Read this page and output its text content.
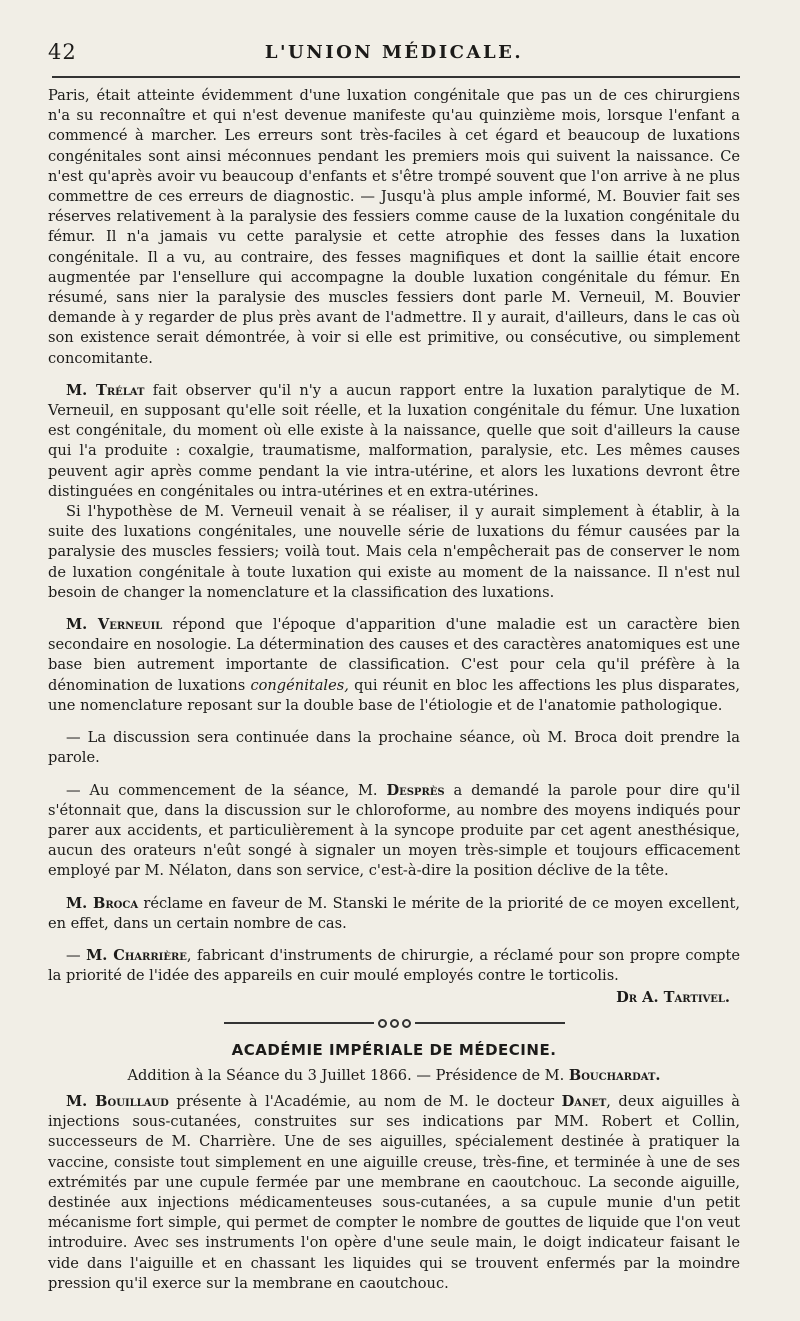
42	L'UNION MÉDICALE.

Paris, était atteinte évidemment d'une luxation congénitale que pas un de ces chirurgiens n'a su reconnaître et qui n'est devenue manifeste qu'au quinzième mois, lorsque l'enfant a commencé à marcher. Les erreurs sont très-faciles à cet égard et beaucoup de luxations congénitales sont ainsi méconnues pendant les premiers mois qui suivent la naissance. Ce n'est qu'après avoir vu beaucoup d'enfants et s'être trompé souvent que l'on arrive à ne plus commettre de ces erreurs de diagnostic. — Jusqu'à plus ample informé, M. Bouvier fait ses réserves relativement à la paralysie des fessiers comme cause de la luxation congénitale du fémur. Il n'a jamais vu cette paralysie et cette atrophie des fesses dans la luxation congénitale. Il a vu, au contraire, des fesses magnifiques et dont la saillie était encore augmentée par l'ensellure qui accompagne la double luxation congénitale du fémur. En résumé, sans nier la paralysie des muscles fessiers dont parle M. Verneuil, M. Bouvier demande à y regarder de plus près avant de l'admettre. Il y aurait, d'ailleurs, dans le cas où son existence serait démontrée, à voir si elle est primitive, ou consécutive, ou simplement concomitante.

M. Trélat fait observer qu'il n'y a aucun rapport entre la luxation paralytique de M. Verneuil, en supposant qu'elle soit réelle, et la luxation congénitale du fémur. Une luxation est congénitale, du moment où elle existe à la naissance, quelle que soit d'ailleurs la cause qui l'a produite : coxalgie, traumatisme, malformation, paralysie, etc. Les mêmes causes peuvent agir après comme pendant la vie intra-utérine, et alors les luxations devront être distinguées en congénitales ou intra-utérines et en extra-utérines.

Si l'hypothèse de M. Verneuil venait à se réaliser, il y aurait simplement à établir, à la suite des luxations congénitales, une nouvelle série de luxations du fémur causées par la paralysie des muscles fessiers; voilà tout. Mais cela n'empêcherait pas de conserver le nom de luxation congénitale à toute luxation qui existe au moment de la naissance. Il n'est nul besoin de changer la nomenclature et la classification des luxations.

M. Verneuil répond que l'époque d'apparition d'une maladie est un caractère bien secondaire en nosologie. La détermination des causes et des caractères anatomiques est une base bien autrement importante de classification. C'est pour cela qu'il préfère à la dénomination de luxations congénitales, qui réunit en bloc les affections les plus disparates, une nomenclature reposant sur la double base de l'étiologie et de l'anatomie pathologique.

— La discussion sera continuée dans la prochaine séance, où M. Broca doit prendre la parole.

— Au commencement de la séance, M. Desprès a demandé la parole pour dire qu'il s'étonnait que, dans la discussion sur le chloroforme, au nombre des moyens indiqués pour parer aux accidents, et particulièrement à la syncope produite par cet agent anesthésique, aucun des orateurs n'eût songé à signaler un moyen très-simple et toujours efficacement employé par M. Nélaton, dans son service, c'est-à-dire la position déclive de la tête.

M. Broca réclame en faveur de M. Stanski le mérite de la priorité de ce moyen excellent, en effet, dans un certain nombre de cas.

— M. Charrière, fabricant d'instruments de chirurgie, a réclamé pour son propre compte la priorité de l'idée des appareils en cuir moulé employés contre le torticolis.

Dr A. Tartivel.
ACADÉMIE IMPÉRIALE DE MÉDECINE.
Addition à la Séance du 3 Juillet 1866. — Présidence de M. Bouchardat.

M. Bouillaud présente à l'Académie, au nom de M. le docteur Danet, deux aiguilles à injections sous-cutanées, construites sur ses indications par MM. Robert et Collin, successeurs de M. Charrière. Une de ses aiguilles, spécialement destinée à pratiquer la vaccine, consiste tout simplement en une aiguille creuse, très-fine, et terminée à une de ses extrémités par une cupule fermée par une membrane en caoutchouc. La seconde aiguille, destinée aux injections médicamenteuses sous-cutanées, a sa cupule munie d'un petit mécanisme fort simple, qui permet de compter le nombre de gouttes de liquide que l'on veut introduire. Avec ses instruments l'on opère d'une seule main, le doigt indicateur faisant le vide dans l'aiguille et en chassant les liquides qui se trouvent enfermés par la moindre pression qu'il exerce sur la membrane en caoutchouc.
